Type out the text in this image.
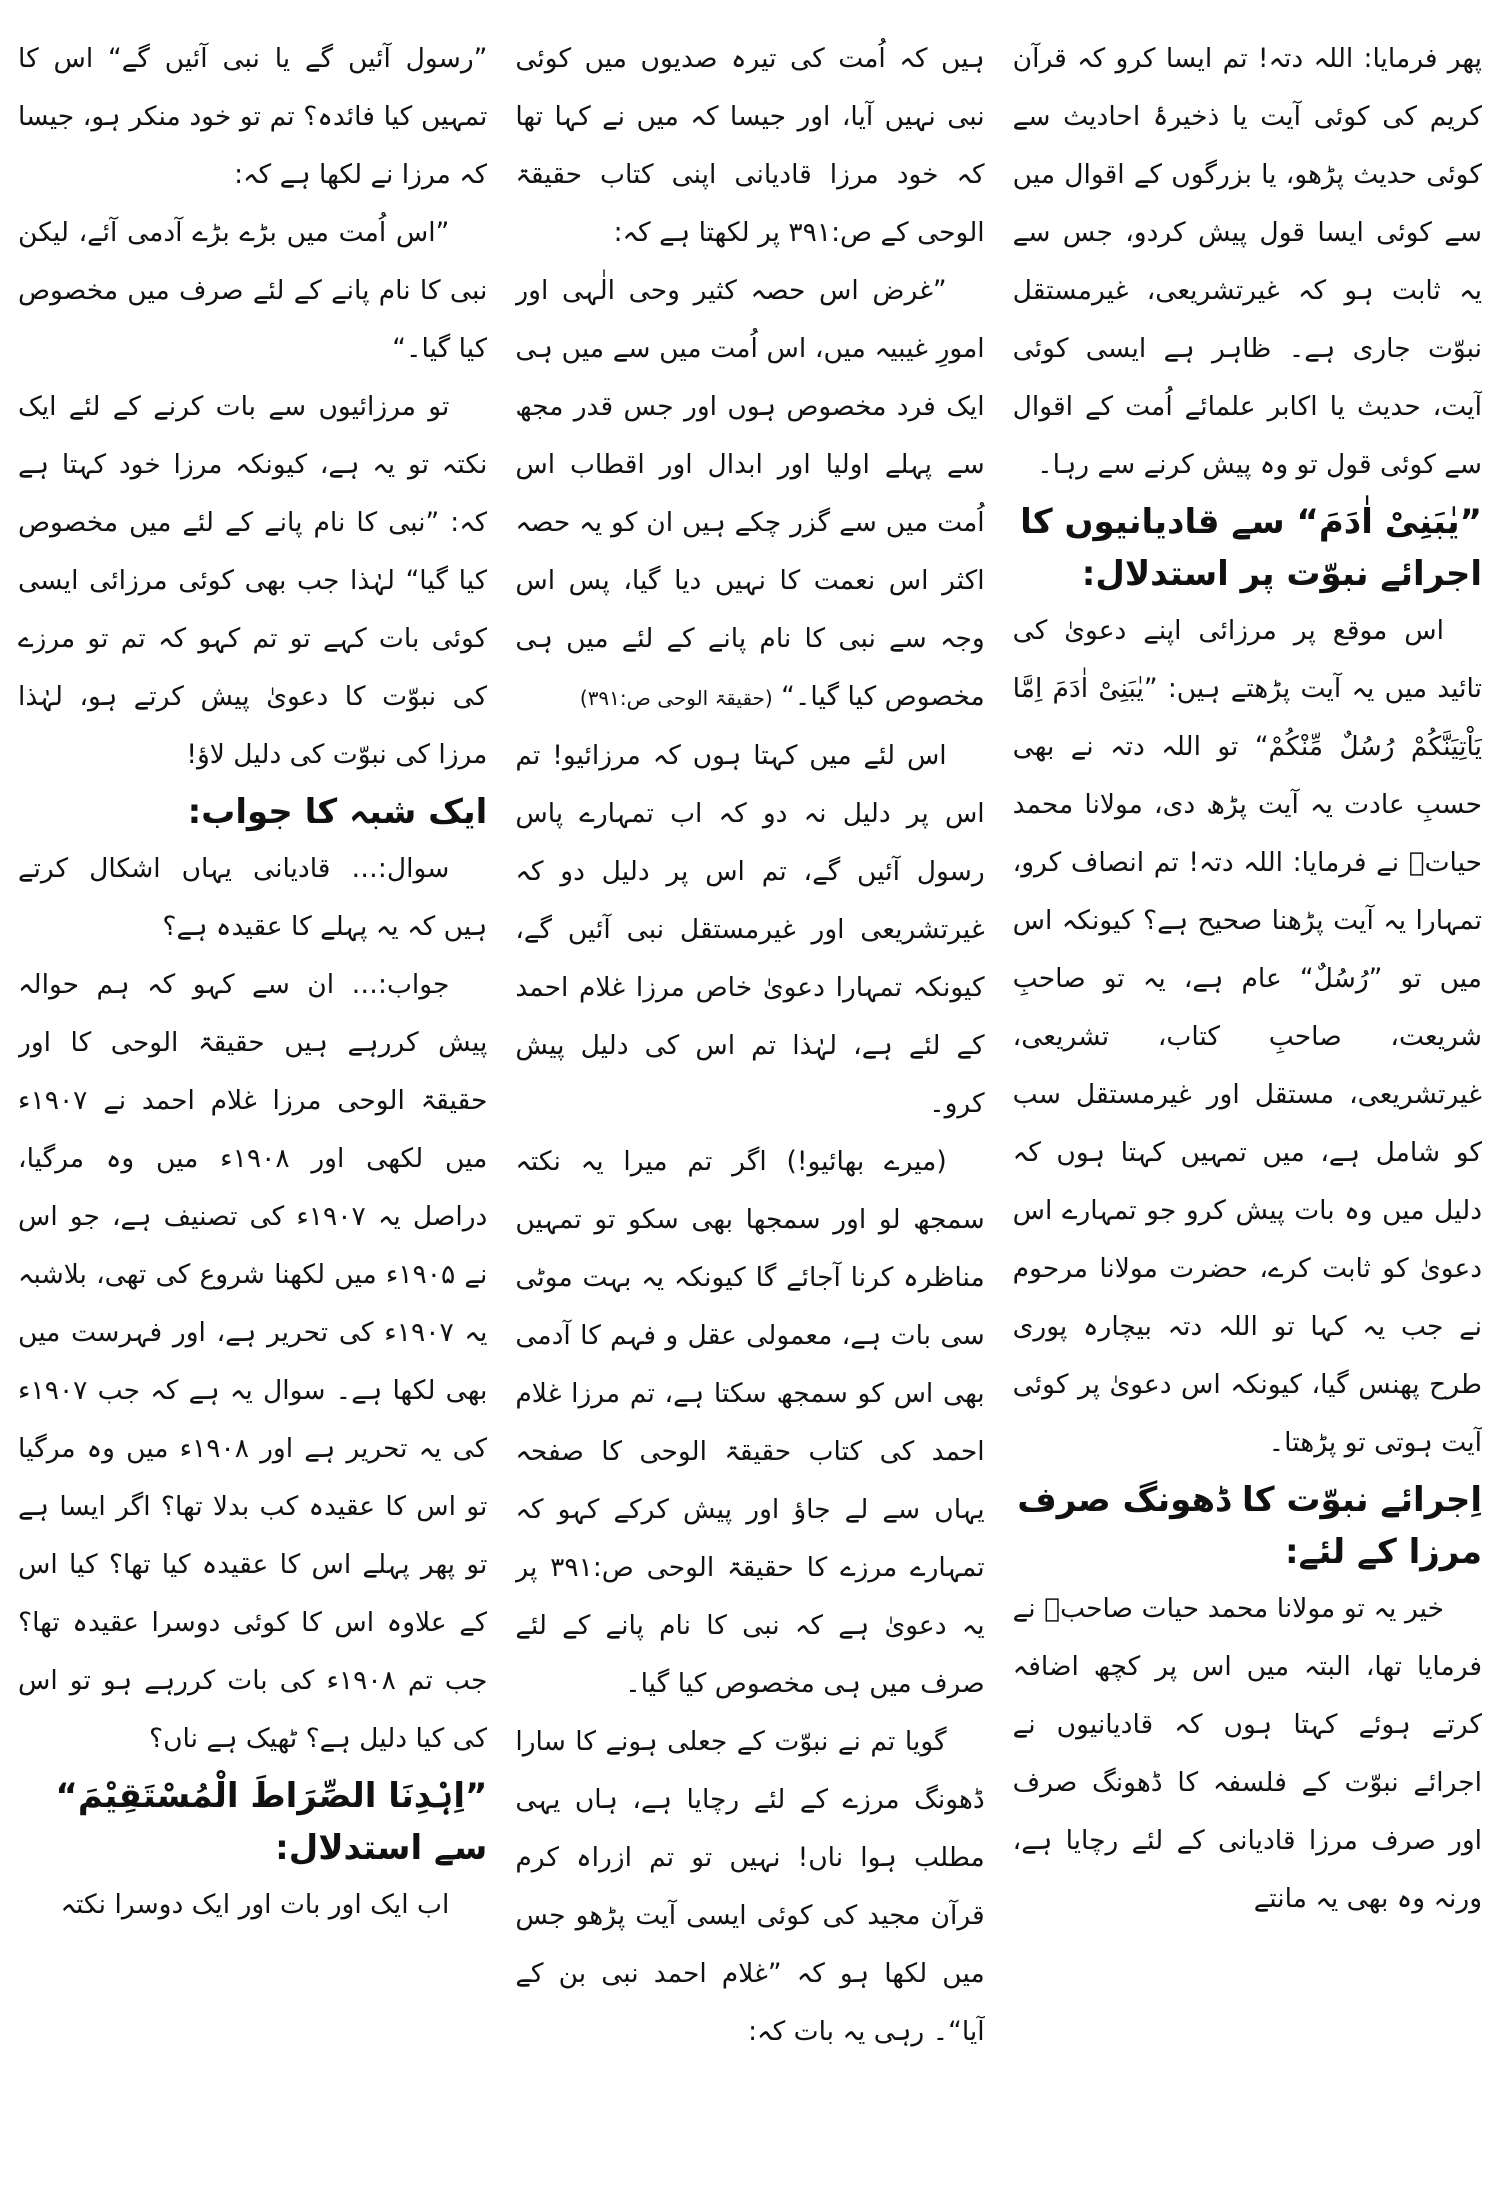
پھر فرمایا: اللہ دتہ! تم ایسا کرو کہ قرآن کریم کی کوئی آیت یا ذخیرۂ احادیث سے کوئی حدیث پڑھو، یا بزرگوں کے اقوال میں سے کوئی ایسا قول پیش کردو، جس سے یہ ثابت ہو کہ غیرتشریعی، غیرمستقل نبوّت جاری ہے۔ ظاہر ہے ایسی کوئی آیت، حدیث یا اکابر علمائے اُمت کے اقوال سے کوئی قول تو وہ پیش کرنے سے رہا۔

”یٰبَنِیْ اٰدَمَ“ سے قادیانیوں کا اجرائے نبوّت پر استدلال:

اس موقع پر مرزائی اپنے دعویٰ کی تائید میں یہ آیت پڑھتے ہیں: ”یٰبَنِیْ اٰدَمَ اِمَّا یَاْتِیَنَّکُمْ رُسُلٌ مِّنْکُمْ“ تو اللہ دتہ نے بھی حسبِ عادت یہ آیت پڑھ دی، مولانا محمد حیاتؒ نے فرمایا: اللہ دتہ! تم انصاف کرو، تمہارا یہ آیت پڑھنا صحیح ہے؟ کیونکہ اس میں تو ”رُسُلٌ“ عام ہے، یہ تو صاحبِ شریعت، صاحبِ کتاب، تشریعی، غیرتشریعی، مستقل اور غیرمستقل سب کو شامل ہے، میں تمہیں کہتا ہوں کہ دلیل میں وہ بات پیش کرو جو تمہارے اس دعویٰ کو ثابت کرے، حضرت مولانا مرحوم نے جب یہ کہا تو اللہ دتہ بیچارہ پوری طرح پھنس گیا، کیونکہ اس دعویٰ پر کوئی آیت ہوتی تو پڑھتا۔

اِجرائے نبوّت کا ڈھونگ صرف مرزا کے لئے:

خیر یہ تو مولانا محمد حیات صاحبؒ نے فرمایا تھا، البتہ میں اس پر کچھ اضافہ کرتے ہوئے کہتا ہوں کہ قادیانیوں نے اجرائے نبوّت کے فلسفہ کا ڈھونگ صرف اور صرف مرزا قادیانی کے لئے رچایا ہے، ورنہ وہ بھی یہ مانتے

ہیں کہ اُمت کی تیرہ صدیوں میں کوئی نبی نہیں آیا، اور جیسا کہ میں نے کہا تھا کہ خود مرزا قادیانی اپنی کتاب حقیقۃ الوحی کے ص:۳۹۱ پر لکھتا ہے کہ:

”غرض اس حصہ کثیر وحی الٰہی اور امورِ غیبیہ میں، اس اُمت میں سے میں ہی ایک فرد مخصوص ہوں اور جس قدر مجھ سے پہلے اولیا اور ابدال اور اقطاب اس اُمت میں سے گزر چکے ہیں ان کو یہ حصہ اکثر اس نعمت کا نہیں دیا گیا، پس اس وجہ سے نبی کا نام پانے کے لئے میں ہی مخصوص کیا گیا۔“ (حقیقۃ الوحی ص:۳۹۱)

اس لئے میں کہتا ہوں کہ مرزائیو! تم اس پر دلیل نہ دو کہ اب تمہارے پاس رسول آئیں گے، تم اس پر دلیل دو کہ غیرتشریعی اور غیرمستقل نبی آئیں گے، کیونکہ تمہارا دعویٰ خاص مرزا غلام احمد کے لئے ہے، لہٰذا تم اس کی دلیل پیش کرو۔

(میرے بھائیو!) اگر تم میرا یہ نکتہ سمجھ لو اور سمجھا بھی سکو تو تمہیں مناظرہ کرنا آجائے گا کیونکہ یہ بہت موٹی سی بات ہے، معمولی عقل و فہم کا آدمی بھی اس کو سمجھ سکتا ہے، تم مرزا غلام احمد کی کتاب حقیقۃ الوحی کا صفحہ یہاں سے لے جاؤ اور پیش کرکے کہو کہ تمہارے مرزے کا حقیقۃ الوحی ص:۳۹۱ پر یہ دعویٰ ہے کہ نبی کا نام پانے کے لئے صرف میں ہی مخصوص کیا گیا۔

گویا تم نے نبوّت کے جعلی ہونے کا سارا ڈھونگ مرزے کے لئے رچایا ہے، ہاں یہی مطلب ہوا ناں! نہیں تو تم ازراہ کرم قرآن مجید کی کوئی ایسی آیت پڑھو جس میں لکھا ہو کہ ”غلام احمد نبی بن کے آیا“۔ رہی یہ بات کہ:

”رسول آئیں گے یا نبی آئیں گے“ اس کا تمہیں کیا فائدہ؟ تم تو خود منکر ہو، جیسا کہ مرزا نے لکھا ہے کہ:

”اس اُمت میں بڑے بڑے آدمی آئے، لیکن نبی کا نام پانے کے لئے صرف میں مخصوص کیا گیا۔“

تو مرزائیوں سے بات کرنے کے لئے ایک نکتہ تو یہ ہے، کیونکہ مرزا خود کہتا ہے کہ: ”نبی کا نام پانے کے لئے میں مخصوص کیا گیا“ لہٰذا جب بھی کوئی مرزائی ایسی کوئی بات کہے تو تم کہو کہ تم تو مرزے کی نبوّت کا دعویٰ پیش کرتے ہو، لہٰذا مرزا کی نبوّت کی دلیل لاؤ!

ایک شبہ کا جواب:

سوال:… قادیانی یہاں اشکال کرتے ہیں کہ یہ پہلے کا عقیدہ ہے؟

جواب:… ان سے کہو کہ ہم حوالہ پیش کررہے ہیں حقیقۃ الوحی کا اور حقیقۃ الوحی مرزا غلام احمد نے ۱۹۰۷ء میں لکھی اور ۱۹۰۸ء میں وہ مرگیا، دراصل یہ ۱۹۰۷ء کی تصنیف ہے، جو اس نے ۱۹۰۵ء میں لکھنا شروع کی تھی، بلاشبہ یہ ۱۹۰۷ء کی تحریر ہے، اور فہرست میں بھی لکھا ہے۔ سوال یہ ہے کہ جب ۱۹۰۷ء کی یہ تحریر ہے اور ۱۹۰۸ء میں وہ مرگیا تو اس کا عقیدہ کب بدلا تھا؟ اگر ایسا ہے تو پھر پہلے اس کا عقیدہ کیا تھا؟ کیا اس کے علاوہ اس کا کوئی دوسرا عقیدہ تھا؟ جب تم ۱۹۰۸ء کی بات کررہے ہو تو اس کی کیا دلیل ہے؟ ٹھیک ہے ناں؟

”اِہْدِنَا الصِّرَاطَ الْمُسْتَقِیْمَ“ سے استدلال:

اب ایک اور بات اور ایک دوسرا نکتہ
